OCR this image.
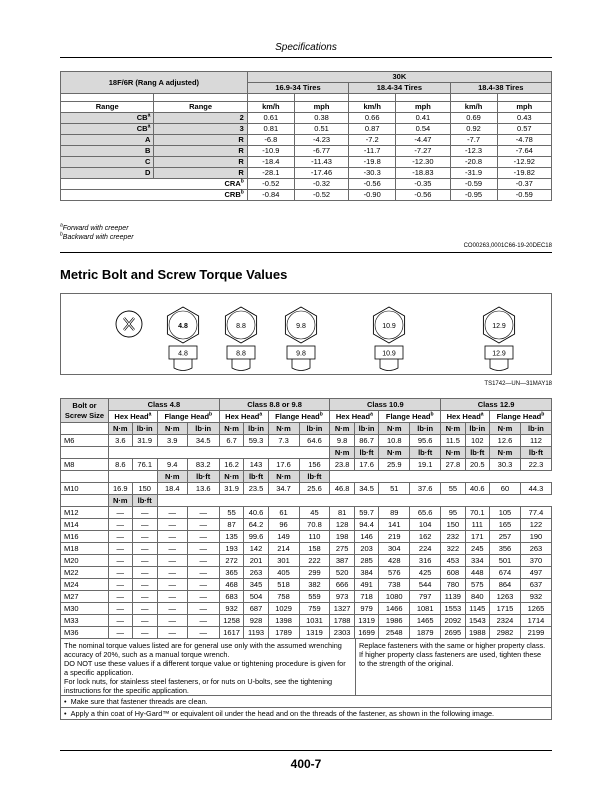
Specifications
18F/6R (Rang A adjusted)		30K					
		16.9-34 Tires		18.4-34 Tires		18.4-38 Tires	

Range	Range	km/h	mph	km/h	mph	km/h	mph
$CB^a$	2	0.61	0.38	0.66	0.41	0.69	0.43
$CB^a$	3	0.81	0.51	0.87	0.54	0.92	0.57
A	R	-6.8	-4.23	-7.2	-4.47	-7.7	-4.78
B	R	-10.9	-6.77	-11.7	-7.27	-12.3	-7.64
C	R	-18.4	-11.43	-19.8	-12.30	-20.8	-12.92
D	R	-28.1	-17.46	-30.3	-18.83	-31.9	-19.82
CRA$^b$		-0.52	-0.32	-0.56	-0.35	-0.59	-0.37
CRB$^b$		-0.84	-0.52	-0.90	-0.56	-0.95	-0.59
$^a$Forward with creeper
$^b$Backward with creeper
CO00263,0001C66-19-20DEC18
Metric Bolt and Screw Torque Values
4.8
4.8
8.8
8.8
9.8
9.8
10.9
10.9
12.9
12.9
TS1742—UN—31MAY18
Bolt or Screw Size	Class 4.8				Class 8.8 or 9.8				Class 10.9				Class 12.9			
	Hex Head$^a$		Flange Head$^b$		Hex Head$^a$		Flange Head$^b$		Hex Head$^a$		Flange Head$^b$		Hex Head$^a$		Flange Head$^b$
	N·m	lb·in	N·m	lb·in	N·m	lb·in	N·m	lb·in	N·m	lb·in	N·m	lb·in	N·m	lb·in	N·m	lb·in
M6	3.6	31.9	3.9	34.5	6.7	59.3	7.3	64.6	9.8	86.7	10.8	95.6	11.5	102	12.6	112
									N·m	lb·ft	N·m	lb·ft	N·m	lb·ft	N·m	lb·ft
M8	8.6	76.1	9.4	83.2	16.2	143	17.6	156	23.8	17.6	25.9	19.1	27.8	20.5	30.3	22.3
			N·m	lb·ft	N·m	lb·ft	N·m	lb·ft								
M10	16.9	150	18.4	13.6	31.9	23.5	34.7	25.6	46.8	34.5	51	37.6	55	40.6	60	44.3
	N·m	lb·ft														
M12	—	—	—	—	55	40.6	61	45	81	59.7	89	65.6	95	70.1	105	77.4
M14	—	—	—	—	87	64.2	96	70.8	128	94.4	141	104	150	111	165	122
M16	—	—	—	—	135	99.6	149	110	198	146	219	162	232	171	257	190
M18	—	—	—	—	193	142	214	158	275	203	304	224	322	245	356	263
M20	—	—	—	—	272	201	301	222	387	285	428	316	453	334	501	370
M22	—	—	—	—	365	263	405	299	520	384	576	425	608	448	674	497
M24	—	—	—	—	468	345	518	382	666	491	738	544	780	575	864	637
M27	—	—	—	—	683	504	758	559	973	718	1080	797	1139	840	1263	932
M30	—	—	—	—	932	687	1029	759	1327	979	1466	1081	1553	1145	1715	1265
M33	—	—	—	—	1258	928	1398	1031	1788	1319	1986	1465	2092	1543	2324	1714
M36	—	—	—	—	1617	1193	1789	1319	2303	1699	2548	1879	2695	1988	2982	2199
The nominal torque values listed are for general use only with the assumed wrenching accuracy of 20%, such as a manual torque wrench.
DO NOT use these values if a different torque value or tightening procedure is given for a specific application.
For lock nuts, for stainless steel fasteners, or for nuts on U-bolts, see the tightening instructions for the specific application.
Replace fasteners with the same or higher property class. If higher property class fasteners are used, tighten these to the strength of the original.
•  Make sure that fastener threads are clean.
•  Apply a thin coat of Hy-Gard™ or equivalent oil under the head and on the threads of the fastener, as shown in the following image.
400-7
